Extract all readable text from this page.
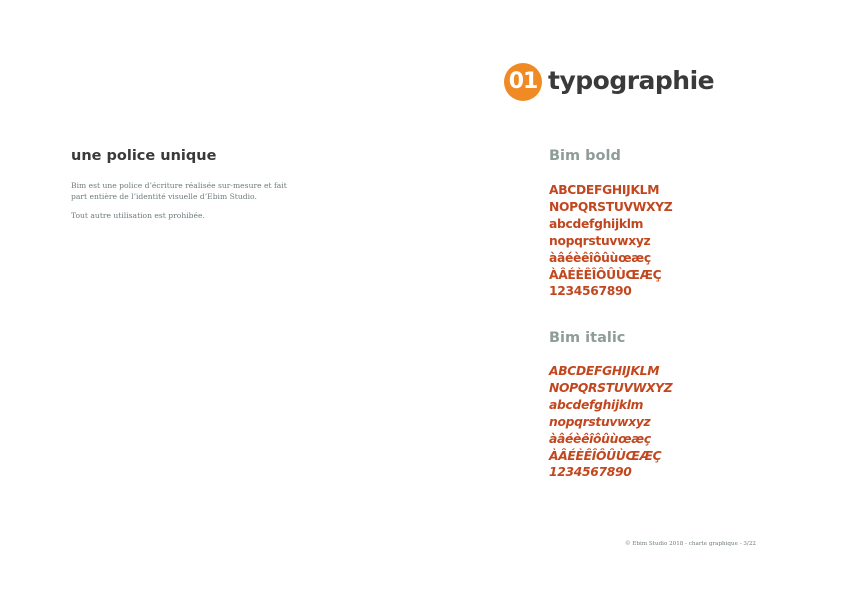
01 typographie
une police unique
Bim est une police d’écriture réalisée sur-mesure et fait
part entière de l’identité visuelle d’Ebim Studio.
Tout autre utilisation est prohibée.
Bim bold
ABCDEFGHIJKLM
NOPQRSTUVWXYZ
abcdefghijklm
nopqrstuvwxyz
àâéèêîôûùœæç
ÀÂÉÈÊÎÔÛÙŒÆÇ
1234567890
Bim italic
ABCDEFGHIJKLM
NOPQRSTUVWXYZ
abcdefghijklm
nopqrstuvwxyz
àâéèêîôûùœæç
ÀÂÉÈÊÎÔÛÙŒÆÇ
1234567890
© Ebim Studio 2018 - charte graphique - 3/22
